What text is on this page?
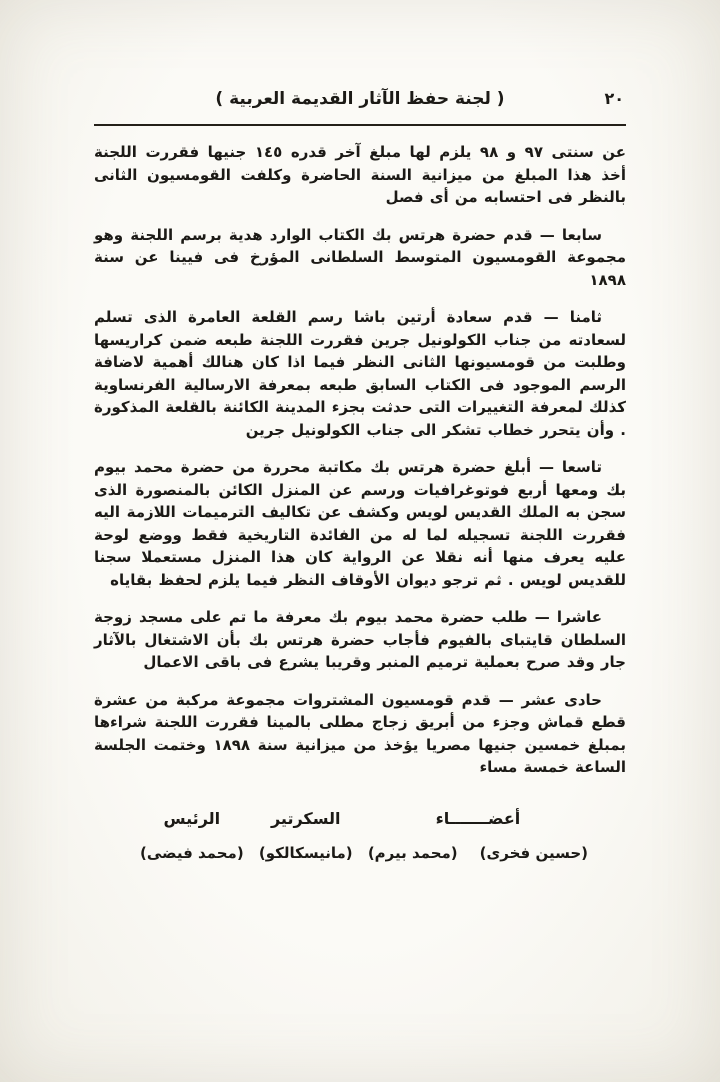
٢٠
( لجنة حفظ الآثار القديمة العربية )

عن سنتى ٩٧ و ٩٨ يلزم لها مبلغ آخر قدره ١٤٥ جنيها فقررت اللجنة أخذ هذا المبلغ من ميزانية السنة الحاضرة وكلفت القومسيون الثانى بالنظر فى احتسابه من أى فصل

سابعا — قدم حضرة هرتس بك الكتاب الوارد هدية برسم اللجنة وهو مجموعة القومسيون المتوسط السلطانى المؤرخ فى فيينا عن سنة ١٨٩٨

ثامنا — قدم سعادة أرتين باشا رسم القلعة العامرة الذى تسلم لسعادته من جناب الكولونيل جرين فقررت اللجنة طبعه ضمن كراريسها وطلبت من قومسيونها الثانى النظر فيما اذا كان هنالك أهمية لاضافة الرسم الموجود فى الكتاب السابق طبعه بمعرفة الارسالية الفرنساوية كذلك لمعرفة التغييرات التى حدثت بجزء المدينة الكائنة بالقلعة المذكورة . وأن يتحرر خطاب تشكر الى جناب الكولونيل جرين

تاسعا — أبلغ حضرة هرتس بك مكاتبة محررة من حضرة محمد بيوم بك ومعها أربع فوتوغرافيات ورسم عن المنزل الكائن بالمنصورة الذى سجن به الملك القديس لويس وكشف عن تكاليف الترميمات اللازمة اليه فقررت اللجنة تسجيله لما له من الفائدة التاريخية فقط ووضع لوحة عليه يعرف منها أنه نقلا عن الرواية كان هذا المنزل مستعملا سجنا للقديس لويس . ثم ترجو ديوان الأوقاف النظر فيما يلزم لحفظ بقاياه

عاشرا — طلب حضرة محمد بيوم بك معرفة ما تم على مسجد زوجة السلطان قايتباى بالفيوم فأجاب حضرة هرتس بك بأن الاشتغال بالآثار جار وقد صرح بعملية ترميم المنبر وقريبا يشرع فى باقى الاعمال

حادى عشر — قدم قومسيون المشتروات مجموعة مركبة من عشرة قطع قماش وجزء من أبريق زجاج مطلى بالمينا فقررت اللجنة شراءها بمبلغ خمسين جنيها مصريا يؤخذ من ميزانية سنة ١٨٩٨ وختمت الجلسة الساعة خمسة مساء

أعضـــــــاء
(حسين فخرى)
(محمد بيرم)
السكرتير
(مانيسكالكو)
الرئيس
(محمد فيضى)
